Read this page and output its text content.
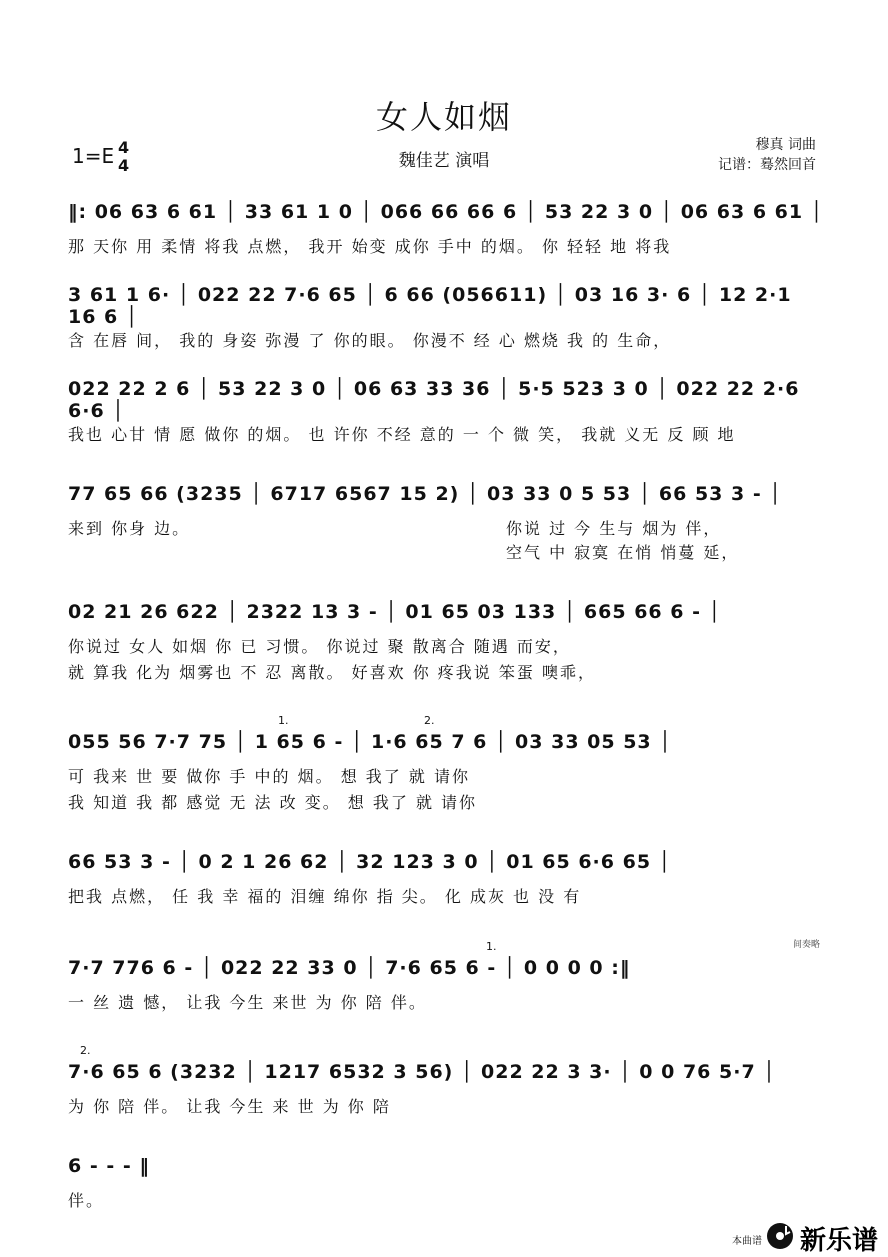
女人如烟
1=E 4
4	魏佳艺 演唱
穆真 词曲
记谱：蓦然回首
‖: 06 63 6 61 │ 33 61 1 0 │ 066 66 66 6 │ 53 22 3 0 │ 06 63 6 61 │
那 天你 用 柔情 将我 点燃， 我开 始变 成你 手中 的烟。 你 轻轻 地 将我
3 61 1 6· │ 022 22 7·6 65 │ 6 66 (056611) │ 03 16 3· 6 │ 12 2·1 16 6 │
含 在唇 间， 我的 身姿 弥漫 了 你的眼。 你漫不 经 心 燃烧 我 的 生命，
022 22 2 6 │ 53 22 3 0 │ 06 63 33 36 │ 5·5 523 3 0 │ 022 22 2·6 6·6 │
我也 心甘 情 愿 做你 的烟。 也 许你 不经 意的 一 个 微 笑， 我就 义无 反 顾 地
77 65 66 (3235 │ 6717 6567 15 2) │ 03 33 0 5 53 │ 66 53 3 - │
来到 你身 边。	你说 过 今 生与 烟为 伴，
空气 中 寂寞 在悄 悄蔓 延，
02 21 26 622 │ 2322 13 3 - │ 01 65 03 133 │ 665 66 6 - │
你说过 女人 如烟 你 已 习惯。 你说过 聚 散离合 随遇 而安，
就 算我 化为 烟雾也 不 忍 离散。 好喜欢 你 疼我说 笨蛋 噢乖，
1.	2.
055 56 7·7 75 │ 1 65 6 - │ 1·6 65 7 6 │ 03 33 05 53 │
可 我来 世 要 做你 手 中的 烟。 想 我了 就 请你
我 知道 我 都 感觉 无 法 改 变。 想 我了 就 请你
66 53 3 - │ 0 2 1 26 62 │ 32 123 3 0 │ 01 65 6·6 65 │
把我 点燃， 任 我 幸 福的 泪缠 绵你 指 尖。 化 成灰 也 没 有
1.
7·7 776 6 - │ 022 22 33 0 │ 7·6 65 6 - │ 0 0 0 0 :‖
一 丝 遗 憾， 让我 今生 来世 为 你 陪 伴。
间奏略
2.
7·6 65 6 (3232 │ 1217 6532 3 56) │ 022 22 3 3· │ 0 0 76 5·7 │
为 你 陪 伴。 让我 今生 来 世 为 你 陪
6 - - - ‖
伴。
本曲谱 新乐谱
